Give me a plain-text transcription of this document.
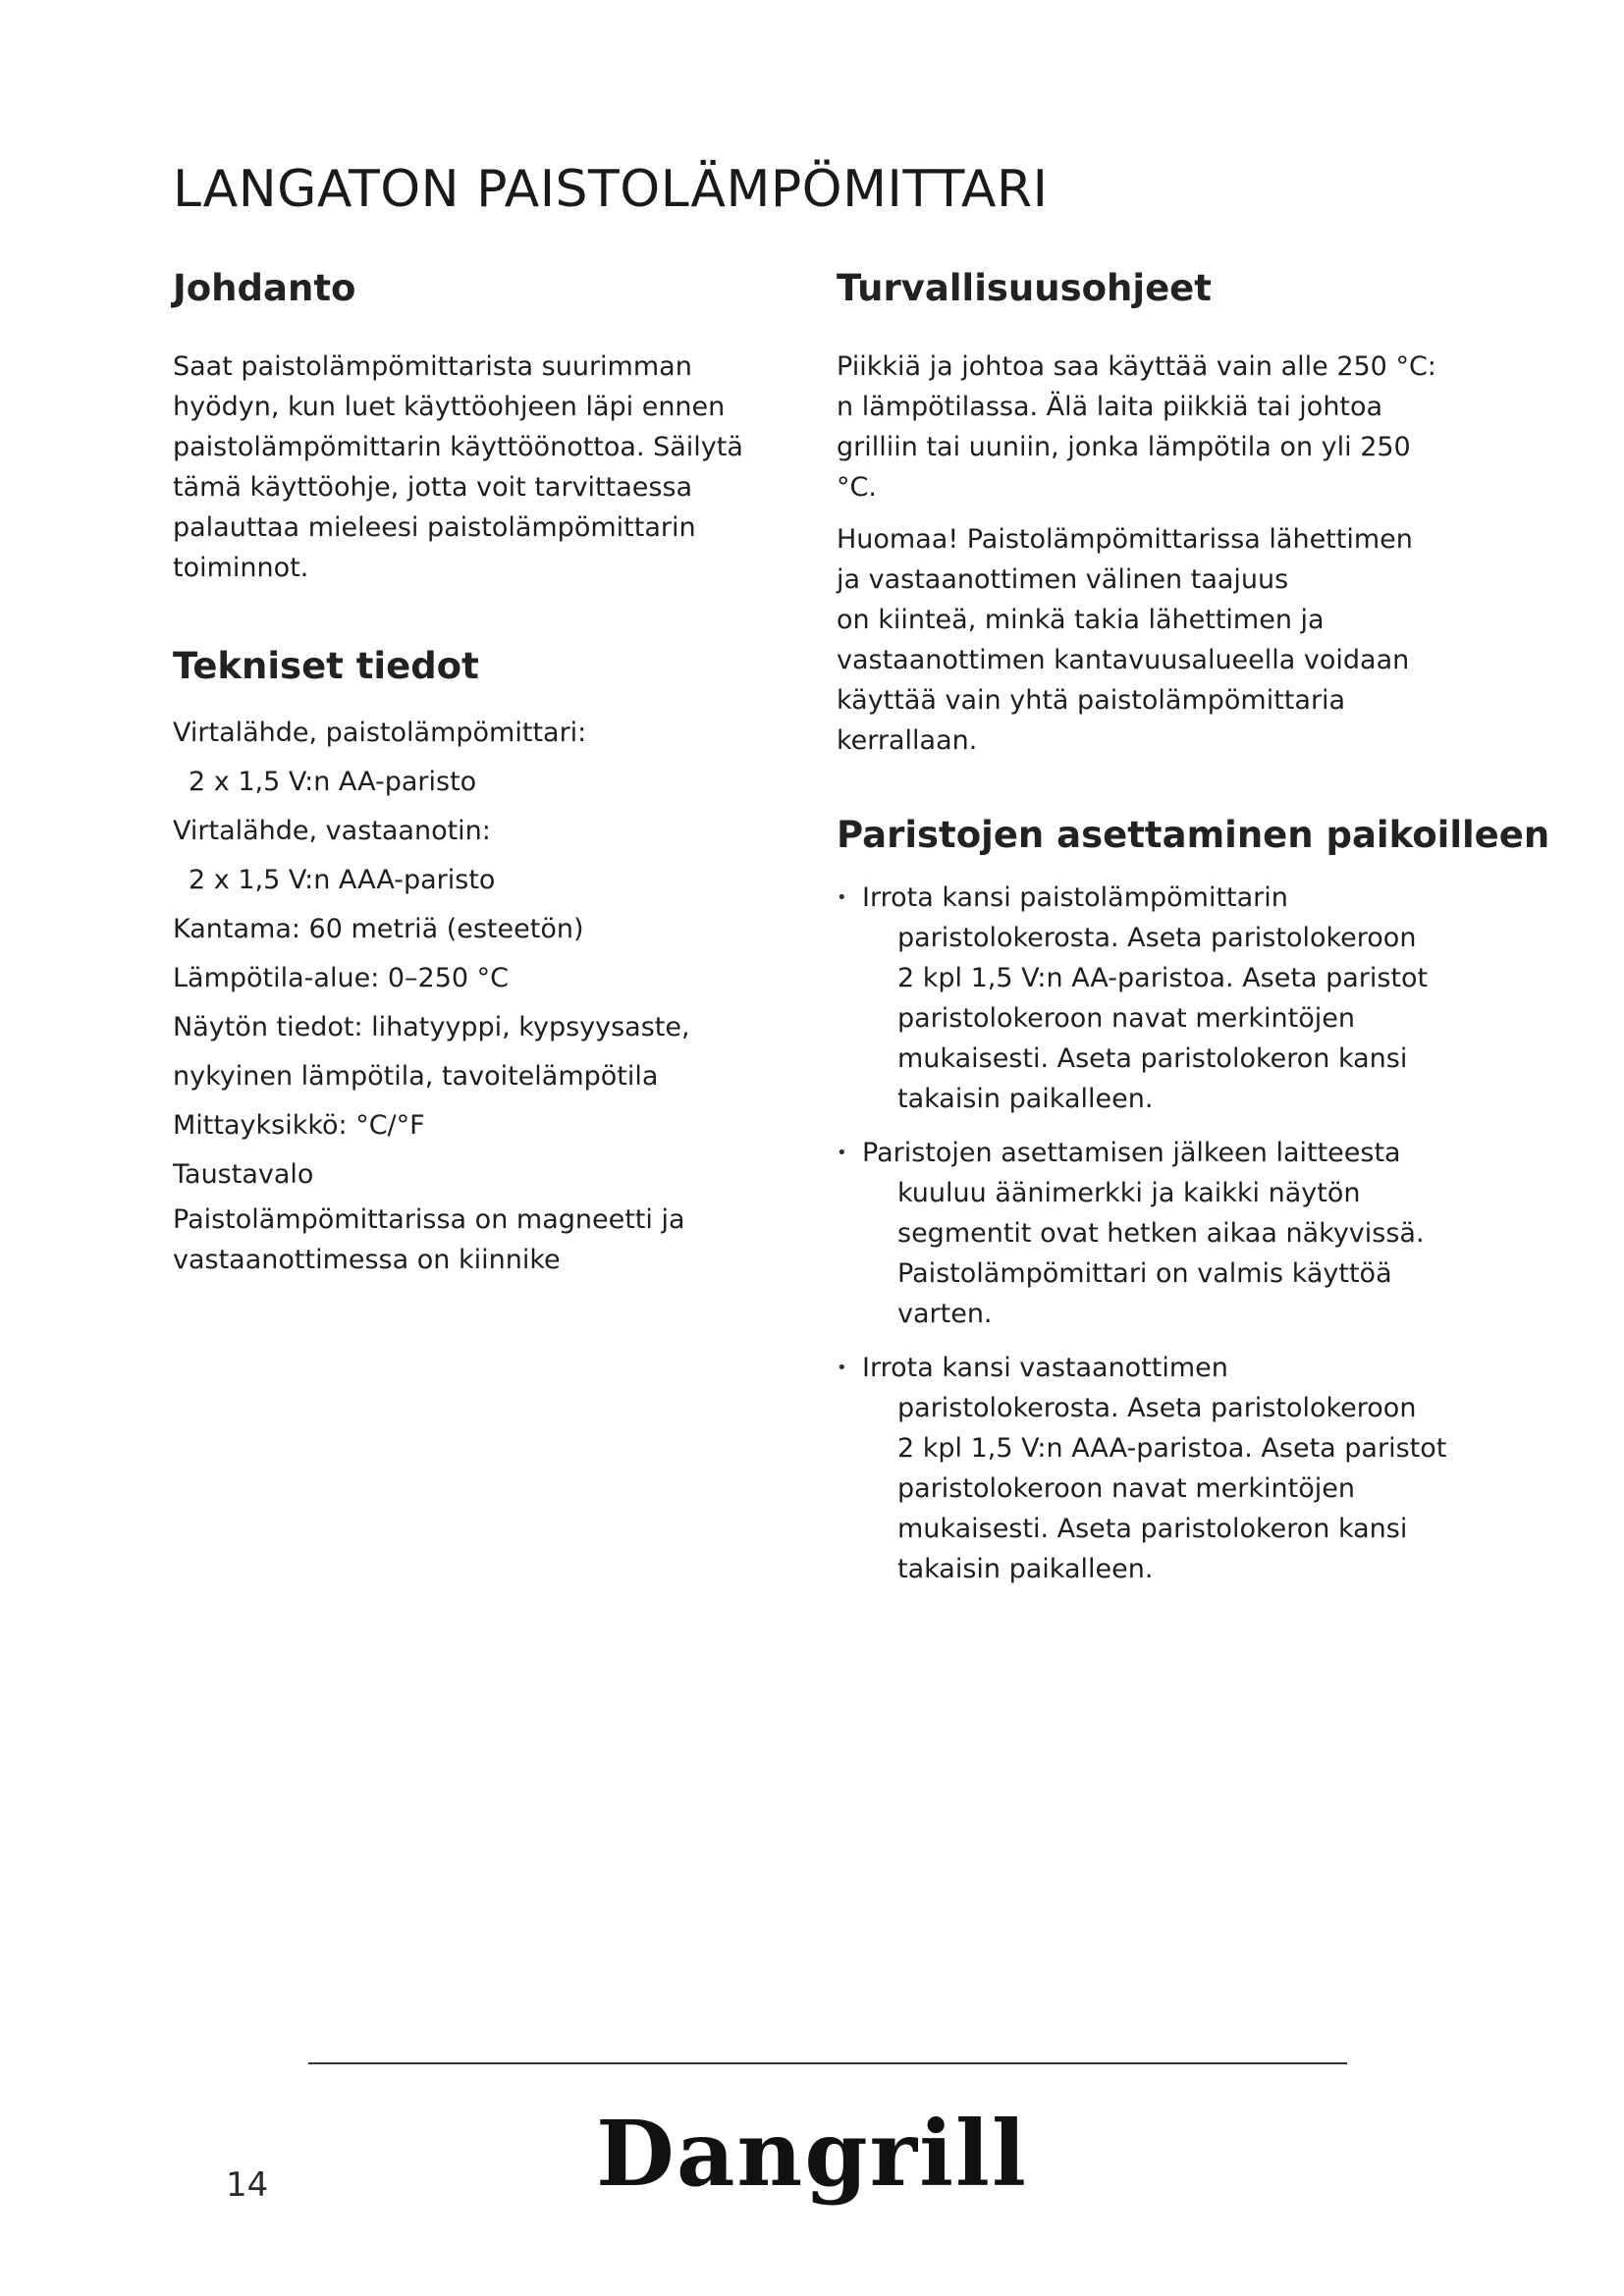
LANGATON PAISTOLÄMPÖMITTARI
Johdanto

Saat paistolämpömittarista suurimman
hyödyn, kun luet käyttöohjeen läpi ennen
paistolämpömittarin käyttöönottoa. Säilytä
tämä käyttöohje, jotta voit tarvittaessa
palauttaa mieleesi paistolämpömittarin
toiminnot.

Tekniset tiedot
Virtalähde, paistolämpömittari:
2 x 1,5 V:n AA-paristo
Virtalähde, vastaanotin:
2 x 1,5 V:n AAA-paristo
Kantama: 60 metriä (esteetön)
Lämpötila-alue: 0–250 °C
Näytön tiedot: lihatyyppi, kypsyysaste,
nykyinen lämpötila, tavoitelämpötila
Mittayksikkö: °C/°F
Taustavalo
Paistolämpömittarissa on magneetti ja
vastaanottimessa on kiinnike
Turvallisuusohjeet

Piikkiä ja johtoa saa käyttää vain alle 250 °C:
n lämpötilassa. Älä laita piikkiä tai johtoa
grilliin tai uuniin, jonka lämpötila on yli 250
°C.

Huomaa! Paistolämpömittarissa lähettimen
ja vastaanottimen välinen taajuus
on kiinteä, minkä takia lähettimen ja
vastaanottimen kantavuusalueella voidaan
käyttää vain yhtä paistolämpömittaria
kerrallaan.

Paristojen asettaminen paikoilleen
• Irrota kansi paistolämpömittarin
paristolokerosta. Aseta paristolokeroon
2 kpl 1,5 V:n AA-paristoa. Aseta paristot
paristolokeroon navat merkintöjen
mukaisesti. Aseta paristolokeron kansi
takaisin paikalleen.
• Paristojen asettamisen jälkeen laitteesta
kuuluu äänimerkki ja kaikki näytön
segmentit ovat hetken aikaa näkyvissä.
Paistolämpömittari on valmis käyttöä
varten.
• Irrota kansi vastaanottimen
paristolokerosta. Aseta paristolokeroon
2 kpl 1,5 V:n AAA-paristoa. Aseta paristot
paristolokeroon navat merkintöjen
mukaisesti. Aseta paristolokeron kansi
takaisin paikalleen.
Dangrill
14
